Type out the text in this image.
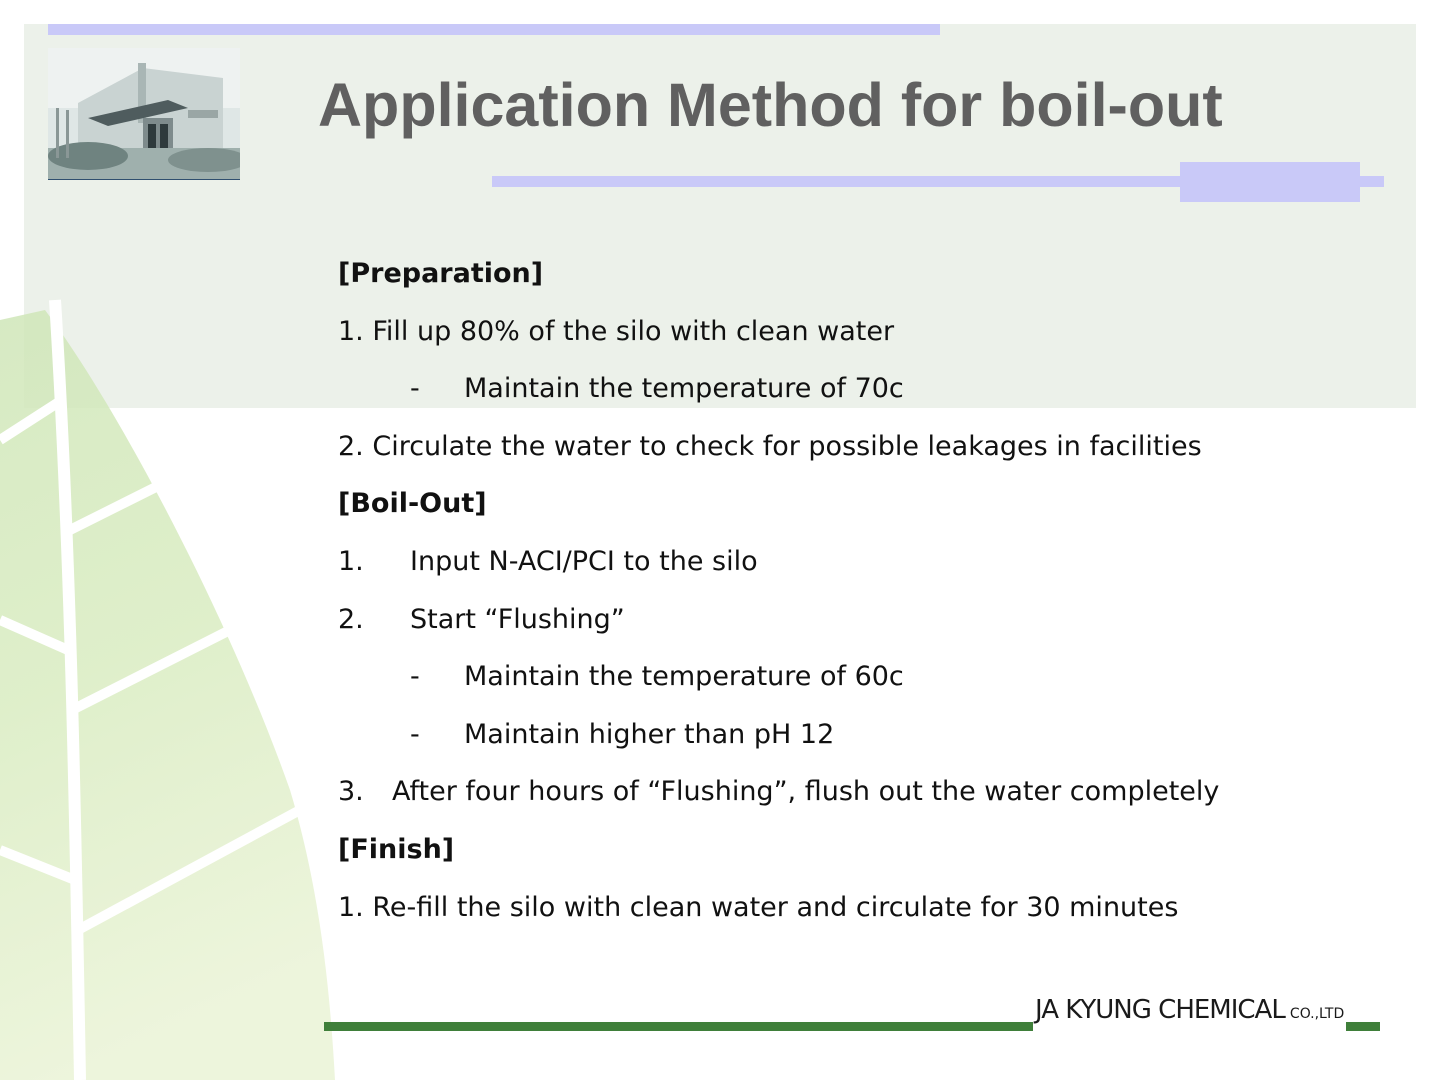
Application Method for boil-out
[Preparation]
1. Fill up 80% of the silo with clean water
- Maintain the temperature of 70c
2. Circulate the water to check for possible leakages in facilities
[Boil-Out]
1. Input N-ACI/PCI to the silo
2. Start “Flushing”
- Maintain the temperature of 60c
- Maintain higher than pH 12
3. After four hours of “Flushing”, flush out the water completely
[Finish]
1. Re-fill the silo with clean water and circulate for 30 minutes
JA KYUNG CHEMICAL CO.,LTD
